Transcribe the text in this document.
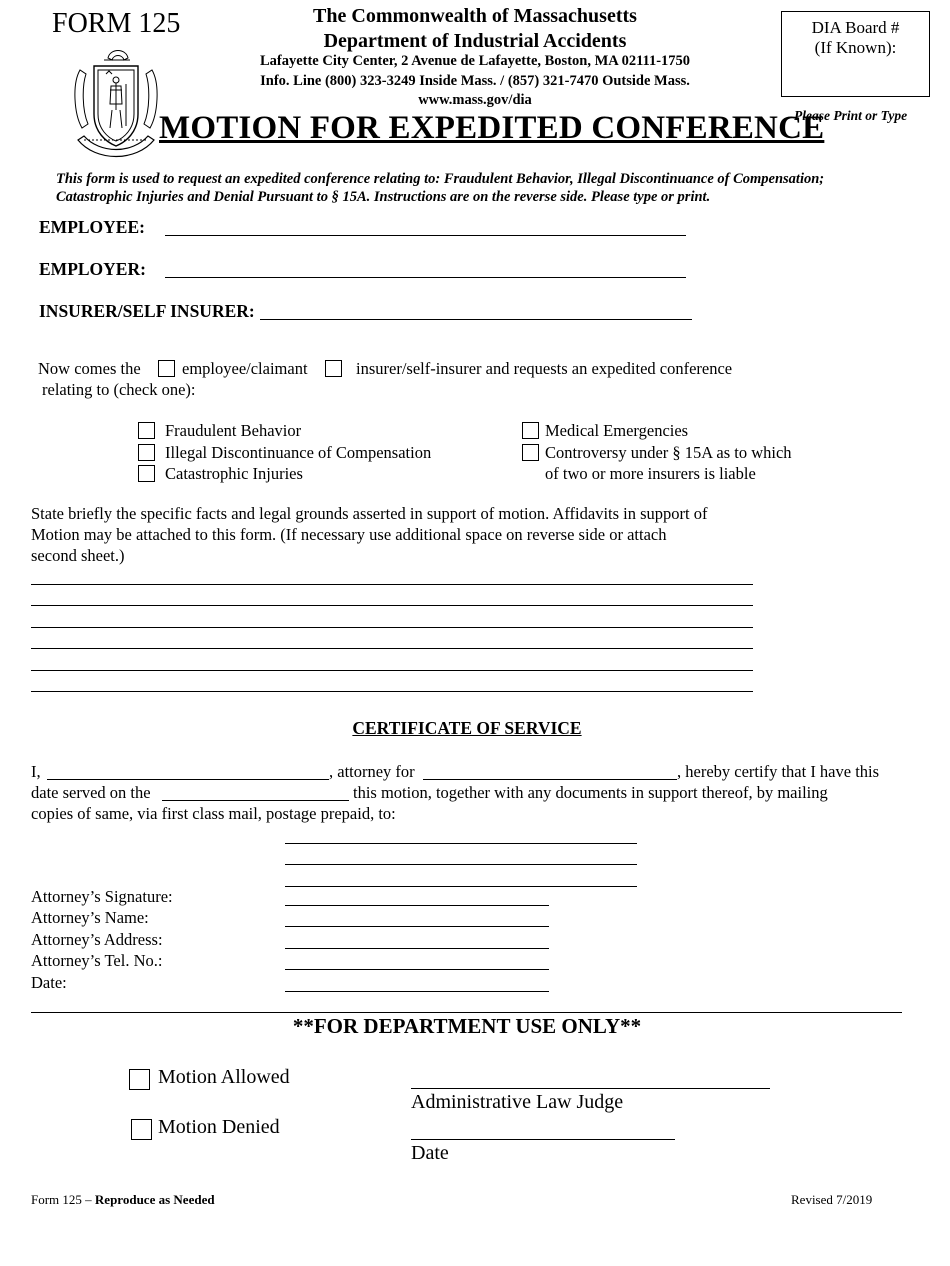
FORM 125	The Commonwealth of Massachusetts
Department of Industrial Accidents
Lafayette City Center, 2 Avenue de Lafayette, Boston, MA 02111-1750
Info. Line (800) 323-3249 Inside Mass. / (857) 321-7470 Outside Mass.
www.mass.gov/dia
MOTION FOR EXPEDITED CONFERENCE
DIA Board #
(If Known):
Please Print or Type
This form is used to request an expedited conference relating to: Fraudulent Behavior, Illegal Discontinuance of Compensation;
Catastrophic Injuries and Denial Pursuant to § 15A. Instructions are on the reverse side. Please type or print.
EMPLOYEE:
EMPLOYER:
INSURER/SELF INSURER:
Now comes the	employee/claimant	insurer/self-insurer and requests an expedited conference
relating to (check one):
Fraudulent Behavior
Illegal Discontinuance of Compensation
Catastrophic Injuries
Medical Emergencies
Controversy under § 15A as to which
of two or more insurers is liable
State briefly the specific facts and legal grounds asserted in support of motion. Affidavits in support of
Motion may be attached to this form. (If necessary use additional space on reverse side or attach
second sheet.)
CERTIFICATE OF SERVICE
I,	, attorney for	, hereby certify that I have this
date served on the	this motion, together with any documents in support thereof, by mailing
copies of same, via first class mail, postage prepaid, to:
Attorney’s Signature:
Attorney’s Name:
Attorney’s Address:
Attorney’s Tel. No.:
Date:
**FOR DEPARTMENT USE ONLY**
Motion Allowed
Motion Denied
Administrative Law Judge
Date
Form 125 – Reproduce as Needed	Revised 7/2019
